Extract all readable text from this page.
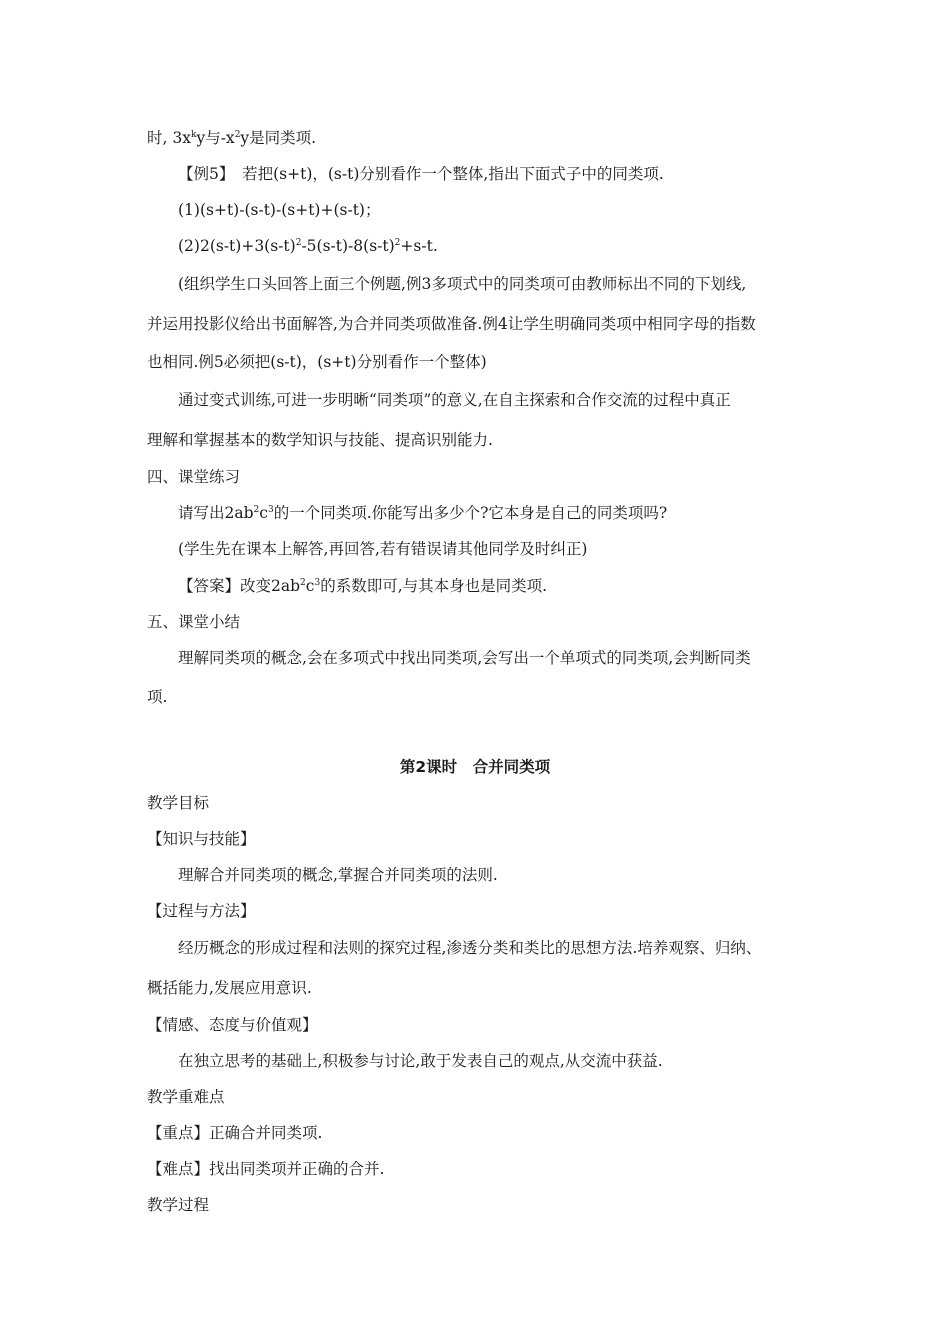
时, $3x^ky$与$-x^2y$是同类项.
【例5】　若把(s+t)，(s-t)分别看作一个整体,指出下面式子中的同类项.
(1)(s+t)-(s-t)-(s+t)+(s-t)；
$(2)2(s-t)+3(s-t)^2-5(s-t)-8(s-t)^2+s-t$.
(组织学生口头回答上面三个例题,例3多项式中的同类项可由教师标出不同的下划线,
并运用投影仪给出书面解答,为合并同类项做准备.例4让学生明确同类项中相同字母的指数
也相同.例5必须把(s-t)，(s+t)分别看作一个整体)
通过变式训练,可进一步明晰“同类项”的意义,在自主探索和合作交流的过程中真正
理解和掌握基本的数学知识与技能、提高识别能力.
四、课堂练习
请写出$2ab^2c^3$的一个同类项.你能写出多少个?它本身是自己的同类项吗?
(学生先在课本上解答,再回答,若有错误请其他同学及时纠正)
【答案】改变$2ab^2c^3$的系数即可,与其本身也是同类项.
五、课堂小结
理解同类项的概念,会在多项式中找出同类项,会写出一个单项式的同类项,会判断同类
项.
第2课时　合并同类项
教学目标
【知识与技能】
理解合并同类项的概念,掌握合并同类项的法则.
【过程与方法】
经历概念的形成过程和法则的探究过程,渗透分类和类比的思想方法.培养观察、归纳、
概括能力,发展应用意识.
【情感、态度与价值观】
在独立思考的基础上,积极参与讨论,敢于发表自己的观点,从交流中获益.
教学重难点
【重点】正确合并同类项.
【难点】找出同类项并正确的合并.
教学过程
